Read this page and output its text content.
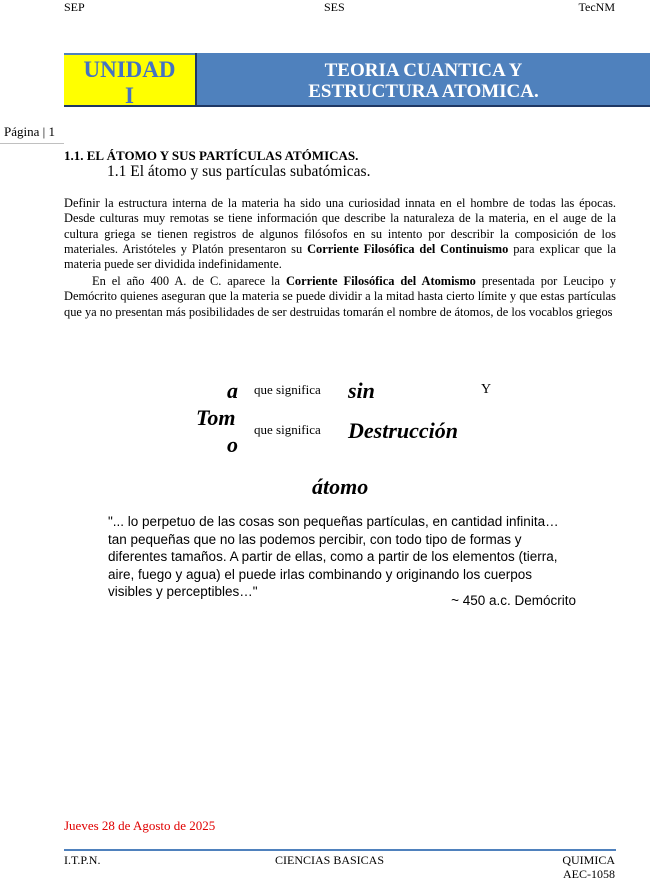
SEP	SES	TecNM
UNIDAD
I
TEORIA CUANTICA Y
ESTRUCTURA ATOMICA.
Página | 1
1.1. EL ÁTOMO Y SUS PARTÍCULAS ATÓMICAS.
1.1 El átomo y sus partículas subatómicas.

Definir la estructura interna de la materia ha sido una curiosidad innata en el hombre de todas las épocas. Desde culturas muy remotas se tiene información que describe la naturaleza de la materia, en el auge de la cultura griega se tienen registros de algunos filósofos en su intento por describir la composición de los materiales. Aristóteles y Platón presentaron su Corriente Filosófica del Continuismo para explicar que la materia puede ser dividida indefinidamente.

En el año 400 A. de C. aparece la Corriente Filosófica del Atomismo presentada por Leucipo y Demócrito quienes aseguran que la materia se puede dividir a la mitad hasta cierto límite y que estas partículas que ya no presentan más posibilidades de ser destruidas tomarán el nombre de átomos, de los vocablos griegos

a
Tom
o
que significa sin	Y
que significa Destrucción
átomo

"... lo perpetuo de las cosas son pequeñas partículas, en cantidad infinita… tan pequeñas que no las podemos percibir, con todo tipo de formas y diferentes tamaños. A partir de ellas, como a partir de los elementos (tierra, aire, fuego y agua) el puede irlas combinando y originando los cuerpos visibles y perceptibles…"

~ 450 a.c. Demócrito
Jueves 28 de Agosto de 2025
I.T.P.N.	CIENCIAS BASICAS	QUIMICA
AEC-1058
